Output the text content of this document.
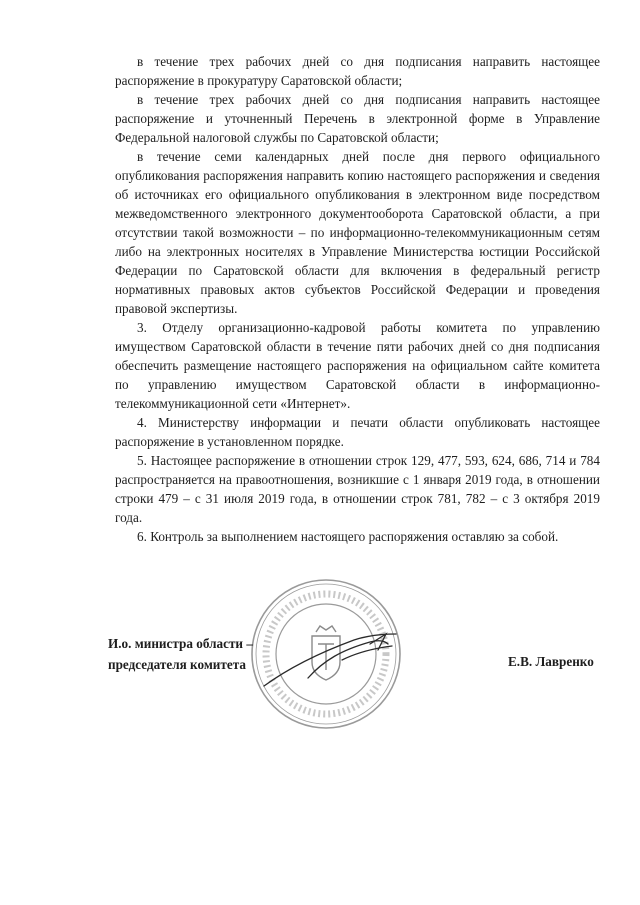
в течение трех рабочих дней со дня подписания направить настоящее распоряжение в прокуратуру Саратовской области;

в течение трех рабочих дней со дня подписания направить настоящее распоряжение и уточненный Перечень в электронной форме в Управление Федеральной налоговой службы по Саратовской области;

в течение семи календарных дней после дня первого официального опубликования распоряжения направить копию настоящего распоряжения и сведения об источниках его официального опубликования в электронном виде посредством межведомственного электронного документооборота Саратовской области, а при отсутствии такой возможности – по информационно-телекоммуникационным сетям либо на электронных носителях в Управление Министерства юстиции Российской Федерации по Саратовской области для включения в федеральный регистр нормативных правовых актов субъектов Российской Федерации и проведения правовой экспертизы.

3. Отделу организационно-кадровой работы комитета по управлению имуществом Саратовской области в течение пяти рабочих дней со дня подписания обеспечить размещение настоящего распоряжения на официальном сайте комитета по управлению имуществом Саратовской области в информационно-телекоммуникационной сети «Интернет».

4. Министерству информации и печати области опубликовать настоящее распоряжение в установленном порядке.

5. Настоящее распоряжение в отношении строк 129, 477, 593, 624, 686, 714 и 784 распространяется на правоотношения, возникшие с 1 января 2019 года, в отношении строки 479 – с 31 июля 2019 года, в отношении строк 781, 782 – с 3 октября 2019 года.

6. Контроль за выполнением настоящего распоряжения оставляю за собой.

И.о. министра области –
председателя комитета	Е.В. Лавренко
